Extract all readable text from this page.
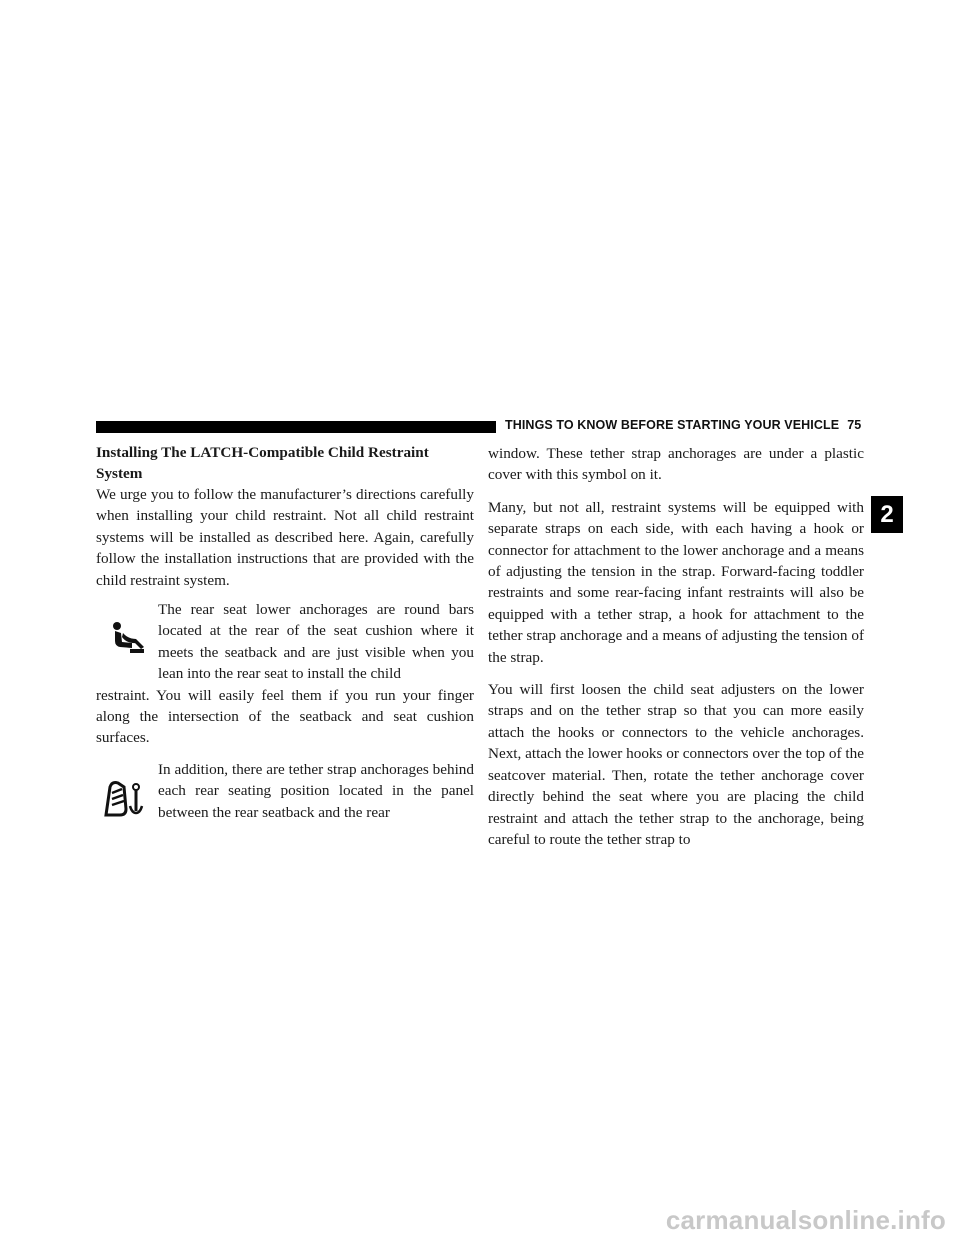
THINGS TO KNOW BEFORE STARTING YOUR VEHICLE 75

Installing The LATCH-Compatible Child Restraint System

We urge you to follow the manufacturer’s directions carefully when installing your child restraint. Not all child restraint systems will be installed as described here. Again, carefully follow the installation instructions that are provided with the child restraint system.

The rear seat lower anchorages are round bars located at the rear of the seat cushion where it meets the seatback and are just visible when you lean into the rear seat to install the child

restraint. You will easily feel them if you run your finger along the intersection of the seatback and seat cushion surfaces.

In addition, there are tether strap anchorages behind each rear seating position located in the panel between the rear seatback and the rear

window. These tether strap anchorages are under a plastic cover with this symbol on it.

Many, but not all, restraint systems will be equipped with separate straps on each side, with each having a hook or connector for attachment to the lower anchorage and a means of adjusting the tension in the strap. Forward-facing toddler restraints and some rear-facing infant restraints will also be equipped with a tether strap, a hook for attachment to the tether strap anchorage and a means of adjusting the tension of the strap.

You will first loosen the child seat adjusters on the lower straps and on the tether strap so that you can more easily attach the hooks or connectors to the vehicle anchorages. Next, attach the lower hooks or connectors over the top of the seatcover material. Then, rotate the tether anchorage cover directly behind the seat where you are placing the child restraint and attach the tether strap to the anchorage, being careful to route the tether strap to

2
carmanualsonline.info
